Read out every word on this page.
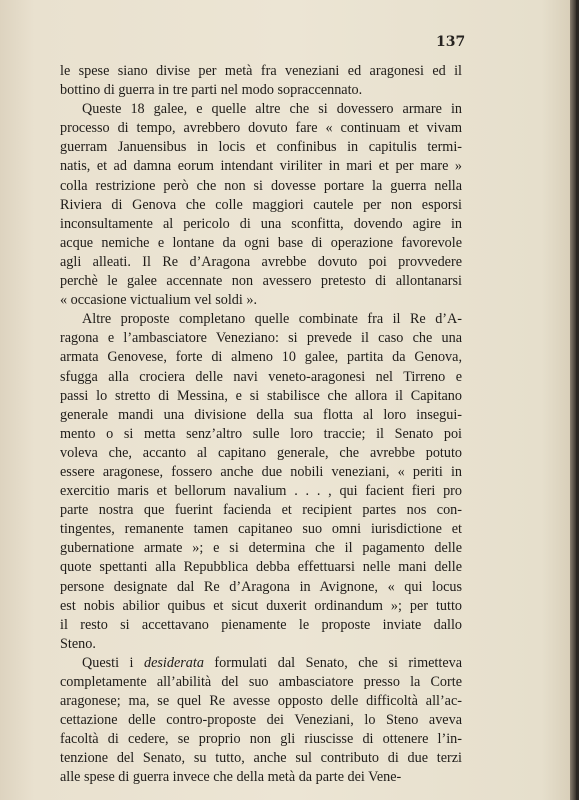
137

le spese siano divise per metà fra veneziani ed aragonesi ed il
bottino di guerra in tre parti nel modo sopraccennato.

Queste 18 galee, e quelle altre che si dovessero armare in
processo di tempo, avrebbero dovuto fare « continuam et vivam
guerram Januensibus in locis et confinibus in capitulis termi-
natis, et ad damna eorum intendant viriliter in mari et per mare »
colla restrizione però che non si dovesse portare la guerra nella
Riviera di Genova che colle maggiori cautele per non esporsi
inconsultamente al pericolo di una sconfitta, dovendo agire in
acque nemiche e lontane da ogni base di operazione favorevole
agli alleati. Il Re d’Aragona avrebbe dovuto poi provvedere
perchè le galee accennate non avessero pretesto di allontanarsi
« occasione victualium vel soldi ».

Altre proposte completano quelle combinate fra il Re d’A-
ragona e l’ambasciatore Veneziano: si prevede il caso che una
armata Genovese, forte di almeno 10 galee, partita da Genova,
sfugga alla crociera delle navi veneto-aragonesi nel Tirreno e
passi lo stretto di Messina, e si stabilisce che allora il Capitano
generale mandi una divisione della sua flotta al loro insegui-
mento o si metta senz’altro sulle loro traccie; il Senato poi
voleva che, accanto al capitano generale, che avrebbe potuto
essere aragonese, fossero anche due nobili veneziani, « periti in
exercitio maris et bellorum navalium . . . , qui facient fieri pro
parte nostra que fuerint facienda et recipient partes nos con-
tingentes, remanente tamen capitaneo suo omni iurisdictione et
gubernatione armate »; e si determina che il pagamento delle
quote spettanti alla Repubblica debba effettuarsi nelle mani delle
persone designate dal Re d’Aragona in Avignone, « qui locus
est nobis abilior quibus et sicut duxerit ordinandum »; per tutto
il resto si accettavano pienamente le proposte inviate dallo
Steno.

Questi i desiderata formulati dal Senato, che si rimetteva
completamente all’abilità del suo ambasciatore presso la Corte
aragonese; ma, se quel Re avesse opposto delle difficoltà all’ac-
cettazione delle contro-proposte dei Veneziani, lo Steno aveva
facoltà di cedere, se proprio non gli riuscisse di ottenere l’in-
tenzione del Senato, su tutto, anche sul contributo di due terzi
alle spese di guerra invece che della metà da parte dei Vene-
